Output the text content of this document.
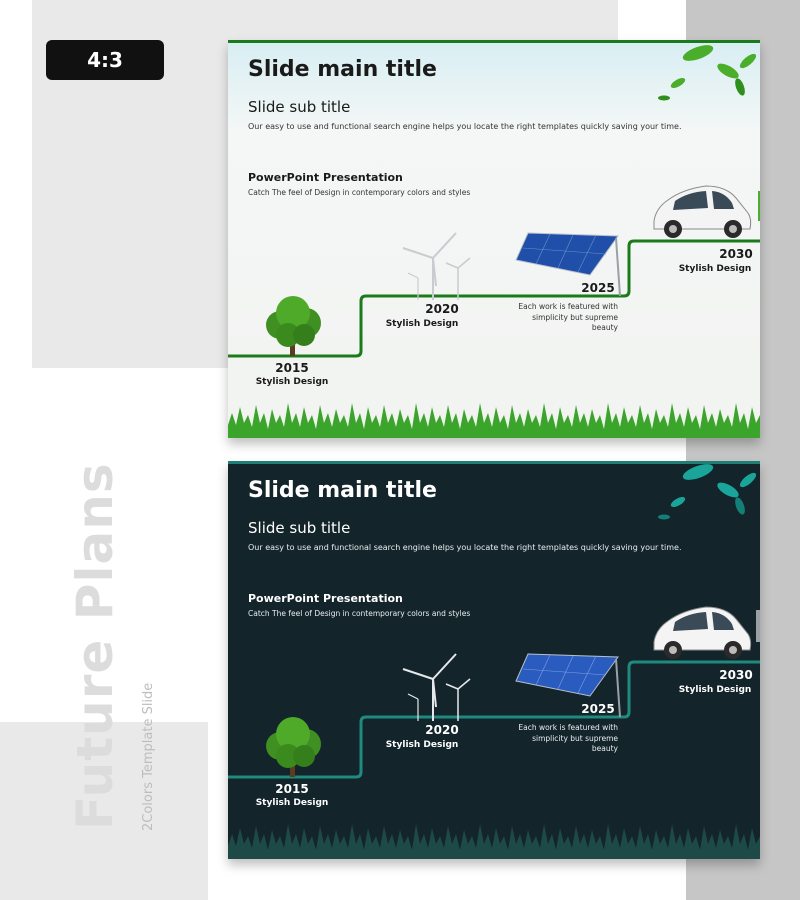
4:3
Future Plans 2Colors Template Slide
Slide main title
Slide sub title
Our easy to use and functional search engine helps you locate the right templates quickly saving your time.
PowerPoint Presentation
Catch The feel of Design in contemporary colors and styles
2015
Stylish Design
2020
Stylish Design
2025
Each work is featured with simplicity but supreme beauty
2030
Stylish Design
Slide main title
Slide sub title
Our easy to use and functional search engine helps you locate the right templates quickly saving your time.
PowerPoint Presentation
Catch The feel of Design in contemporary colors and styles
2015
Stylish Design
2020
Stylish Design
2025
Each work is featured with simplicity but supreme beauty
2030
Stylish Design
